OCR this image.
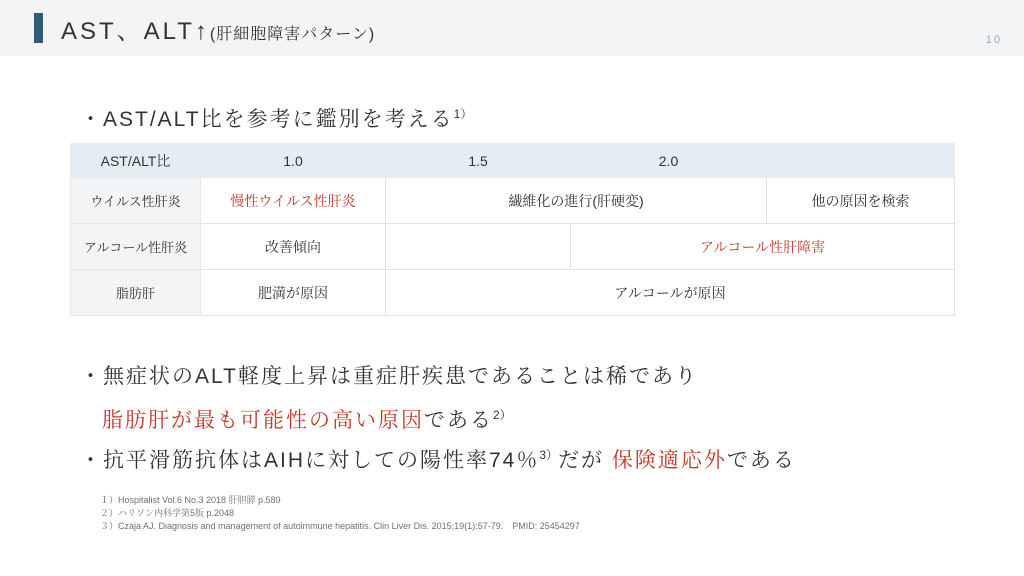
AST、ALT↑(肝細胞障害パターン)	10
・AST/ALT比を参考に鑑別を考える$^{1)}$
AST/ALT比	1.0	1.5	2.0	
ウイルス性肝炎	慢性ウイルス性肝炎	繊維化の進行(肝硬変)		他の原因を検索
アルコール性肝炎	改善傾向		アルコール性肝障害	
脂肪肝	肥満が原因	アルコールが原因		
・無症状のALT軽度上昇は重症肝疾患であることは稀であり
脂肪肝が最も可能性の高い原因である$^{2)}$
・抗平滑筋抗体はAIHに対しての陽性率74％$^{3)}$だが 保険適応外である
１）Hospitalist Vol.6 No.3 2018 肝胆膵 p.589
２）ハリソン内科学第5版 p.2048
３）Czaja AJ. Diagnosis and management of autoimmune hepatitis. Clin Liver Dis. 2015;19(1):57-79.　PMID: 25454297
